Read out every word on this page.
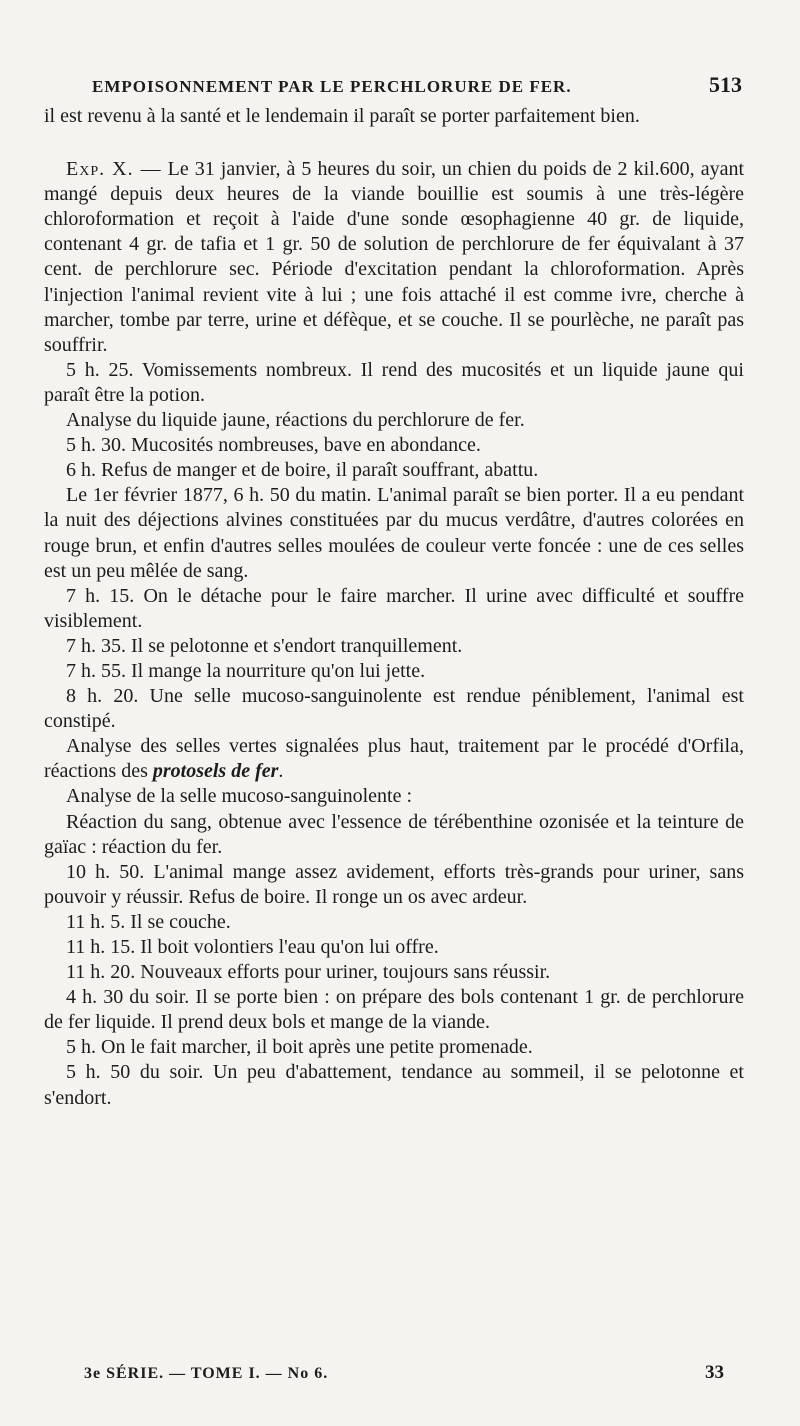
EMPOISONNEMENT PAR LE PERCHLORURE DE FER.	513

il est revenu à la santé et le lendemain il paraît se porter parfaitement bien.

Exp. X. — Le 31 janvier, à 5 heures du soir, un chien du poids de 2 kil.600, ayant mangé depuis deux heures de la viande bouillie est soumis à une très-légère chloroformation et reçoit à l'aide d'une sonde œsophagienne 40 gr. de liquide, contenant 4 gr. de tafia et 1 gr. 50 de solution de perchlorure de fer équivalant à 37 cent. de perchlorure sec. Période d'excitation pendant la chloroformation. Après l'injection l'animal revient vite à lui ; une fois attaché il est comme ivre, cherche à marcher, tombe par terre, urine et défèque, et se couche. Il se pourlèche, ne paraît pas souffrir.

5 h. 25. Vomissements nombreux. Il rend des mucosités et un liquide jaune qui paraît être la potion.

Analyse du liquide jaune, réactions du perchlorure de fer.

5 h. 30. Mucosités nombreuses, bave en abondance.

6 h. Refus de manger et de boire, il paraît souffrant, abattu.

Le 1er février 1877, 6 h. 50 du matin. L'animal paraît se bien porter. Il a eu pendant la nuit des déjections alvines constituées par du mucus verdâtre, d'autres colorées en rouge brun, et enfin d'autres selles moulées de couleur verte foncée : une de ces selles est un peu mêlée de sang.

7 h. 15. On le détache pour le faire marcher. Il urine avec difficulté et souffre visiblement.

7 h. 35. Il se pelotonne et s'endort tranquillement.

7 h. 55. Il mange la nourriture qu'on lui jette.

8 h. 20. Une selle mucoso-sanguinolente est rendue péniblement, l'animal est constipé.

Analyse des selles vertes signalées plus haut, traitement par le procédé d'Orfila, réactions des protosels de fer.

Analyse de la selle mucoso-sanguinolente :

Réaction du sang, obtenue avec l'essence de térébenthine ozonisée et la teinture de gaïac : réaction du fer.

10 h. 50. L'animal mange assez avidement, efforts très-grands pour uriner, sans pouvoir y réussir. Refus de boire. Il ronge un os avec ardeur.

11 h. 5. Il se couche.

11 h. 15. Il boit volontiers l'eau qu'on lui offre.

11 h. 20. Nouveaux efforts pour uriner, toujours sans réussir.

4 h. 30 du soir. Il se porte bien : on prépare des bols contenant 1 gr. de perchlorure de fer liquide. Il prend deux bols et mange de la viande.

5 h. On le fait marcher, il boit après une petite promenade.

5 h. 50 du soir. Un peu d'abattement, tendance au sommeil, il se pelotonne et s'endort.

3e SÉRIE. — TOME I. — No 6.	33
